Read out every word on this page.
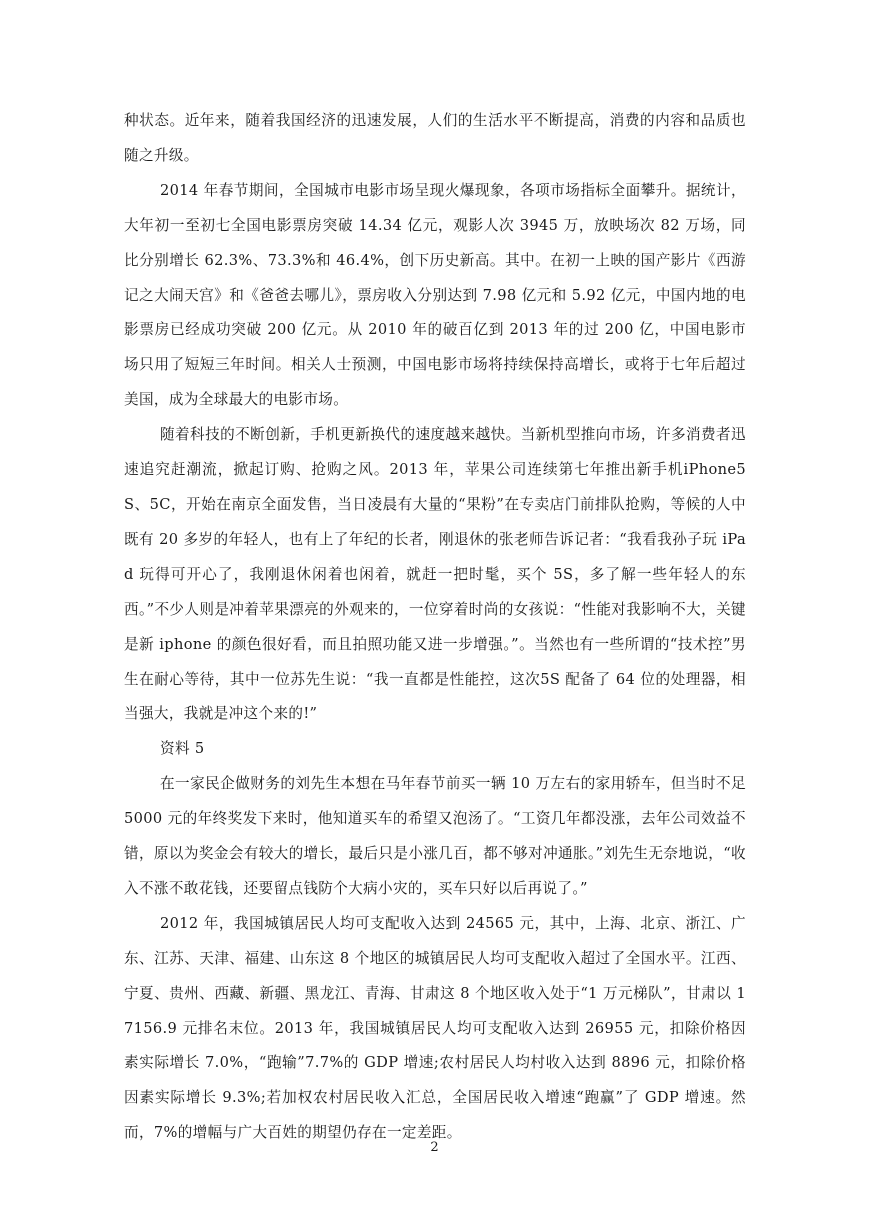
种状态。近年来，随着我国经济的迅速发展，人们的生活水平不断提高，消费的内容和品质也随之升级。

2014 年春节期间，全国城市电影市场呈现火爆现象，各项市场指标全面攀升。据统计，大年初一至初七全国电影票房突破 14.34 亿元，观影人次 3945 万，放映场次 82 万场，同比分别增长 62.3%、73.3%和 46.4%，创下历史新高。其中。在初一上映的国产影片《西游记之大闹天宫》和《爸爸去哪儿》，票房收入分别达到 7.98 亿元和 5.92 亿元，中国内地的电影票房已经成功突破 200 亿元。从 2010 年的破百亿到 2013 年的过 200 亿，中国电影市场只用了短短三年时间。相关人士预测，中国电影市场将持续保持高增长，或将于七年后超过美国，成为全球最大的电影市场。

随着科技的不断创新，手机更新换代的速度越来越快。当新机型推向市场，许多消费者迅速追究赶潮流，掀起订购、抢购之风。2013 年，苹果公司连续第七年推出新手机iPhone5S、5C，开始在南京全面发售，当日凌晨有大量的“果粉”在专卖店门前排队抢购，等候的人中既有 20 多岁的年轻人，也有上了年纪的长者，刚退休的张老师告诉记者：“我看我孙子玩 iPad 玩得可开心了，我刚退休闲着也闲着，就赶一把时髦，买个 5S，多了解一些年轻人的东西。”不少人则是冲着苹果漂亮的外观来的，一位穿着时尚的女孩说：“性能对我影响不大，关键是新 iphone 的颜色很好看，而且拍照功能又进一步增强。”。当然也有一些所谓的“技术控”男生在耐心等待，其中一位苏先生说：“我一直都是性能控，这次5S 配备了 64 位的处理器，相当强大，我就是冲这个来的!”

资料 5

在一家民企做财务的刘先生本想在马年春节前买一辆 10 万左右的家用轿车，但当时不足 5000 元的年终奖发下来时，他知道买车的希望又泡汤了。“工资几年都没涨，去年公司效益不错，原以为奖金会有较大的增长，最后只是小涨几百，都不够对冲通胀。”刘先生无奈地说，“收入不涨不敢花钱，还要留点钱防个大病小灾的，买车只好以后再说了。”

2012 年，我国城镇居民人均可支配收入达到 24565 元，其中，上海、北京、浙江、广东、江苏、天津、福建、山东这 8 个地区的城镇居民人均可支配收入超过了全国水平。江西、宁夏、贵州、西藏、新疆、黑龙江、青海、甘肃这 8 个地区收入处于“1 万元梯队”，甘肃以 17156.9 元排名末位。2013 年，我国城镇居民人均可支配收入达到 26955 元，扣除价格因素实际增长 7.0%，“跑输”7.7%的 GDP 增速;农村居民人均村收入达到 8896 元，扣除价格因素实际增长 9.3%;若加权农村居民收入汇总，全国居民收入增速“跑赢”了 GDP 增速。然而，7%的增幅与广大百姓的期望仍存在一定差距。

2
